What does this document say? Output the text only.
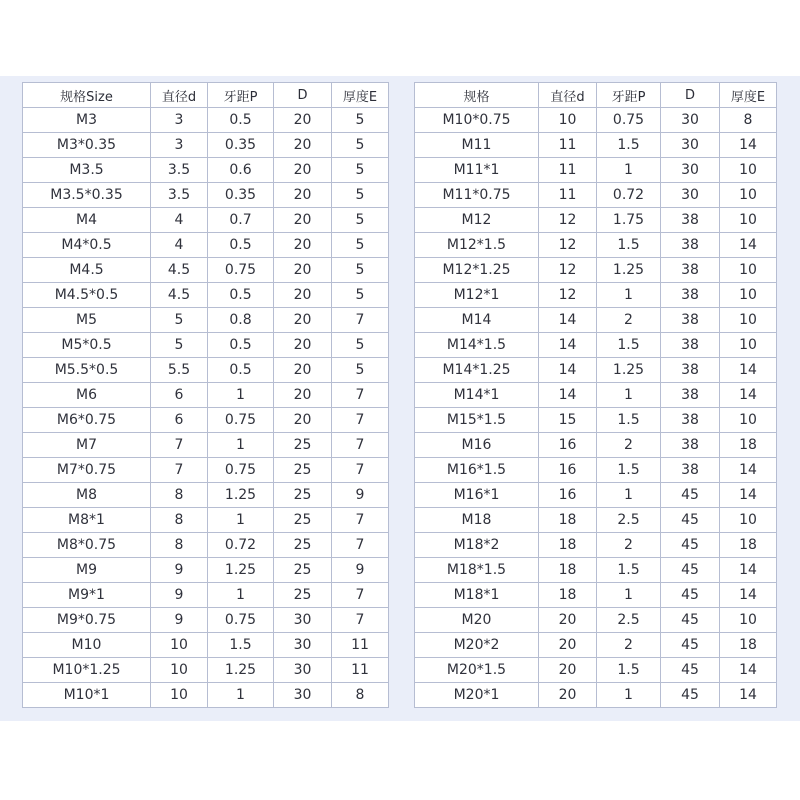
规格Size	直径d	牙距P	D	厚度E
M3	3	0.5	20	5
M3*0.35	3	0.35	20	5
M3.5	3.5	0.6	20	5
M3.5*0.35	3.5	0.35	20	5
M4	4	0.7	20	5
M4*0.5	4	0.5	20	5
M4.5	4.5	0.75	20	5
M4.5*0.5	4.5	0.5	20	5
M5	5	0.8	20	7
M5*0.5	5	0.5	20	5
M5.5*0.5	5.5	0.5	20	5
M6	6	1	20	7
M6*0.75	6	0.75	20	7
M7	7	1	25	7
M7*0.75	7	0.75	25	7
M8	8	1.25	25	9
M8*1	8	1	25	7
M8*0.75	8	0.72	25	7
M9	9	1.25	25	9
M9*1	9	1	25	7
M9*0.75	9	0.75	30	7
M10	10	1.5	30	11
M10*1.25	10	1.25	30	11
M10*1	10	1	30	8
规格	直径d	牙距P	D	厚度E
M10*0.75	10	0.75	30	8
M11	11	1.5	30	14
M11*1	11	1	30	10
M11*0.75	11	0.72	30	10
M12	12	1.75	38	10
M12*1.5	12	1.5	38	14
M12*1.25	12	1.25	38	10
M12*1	12	1	38	10
M14	14	2	38	10
M14*1.5	14	1.5	38	10
M14*1.25	14	1.25	38	14
M14*1	14	1	38	14
M15*1.5	15	1.5	38	10
M16	16	2	38	18
M16*1.5	16	1.5	38	14
M16*1	16	1	45	14
M18	18	2.5	45	10
M18*2	18	2	45	18
M18*1.5	18	1.5	45	14
M18*1	18	1	45	14
M20	20	2.5	45	10
M20*2	20	2	45	18
M20*1.5	20	1.5	45	14
M20*1	20	1	45	14
